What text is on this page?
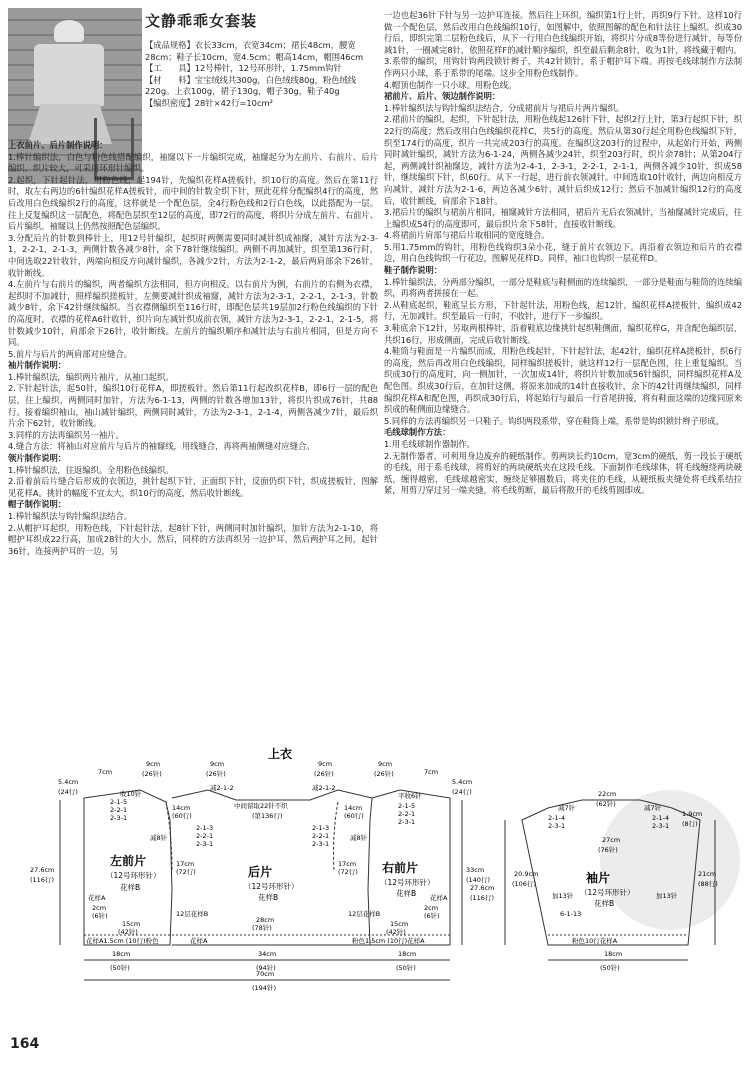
文静乖乖女套装

【成品规格】衣长33cm，衣宽34cm；裙长48cm，腰宽28cm；鞋子长10cm，宽4.5cm；帽高14cm，帽围46cm

【工　　具】12号棒针，12号环形针，1.75mm钩针

【材　　料】宝宝绒线共300g，白色绒线80g，粉色绒线220g。上衣100g，裙子130g，帽子30g，鞋子40g

【编织密度】28针×42行=10cm²

上衣前片、后片制作说明：

1.棒针编织法，白色与粉色线搭配编织，袖窿以下一片编织完成，袖窿起分为左前片、右前片、后片编织。织片较大，可采用环形针编织。

2.起织，下针起针法，用粉色线，起194针，先编织花样A搓板针，织10行的高度。然后在第11行时，取左右两边的6针编织花样A搓板针，而中间的针数全织下针，照此花样分配编织4行的高度，然后改用白色线编织2行的高度，这样就是一个配色层，全4行粉色线和2行白色线，以此搭配为一层。往上反复编织这一层配色，将配色层织至12层的高度，即72行的高度，将织片分成左前片、右前片、后片编织。袖窿以上仍然按照配色层编织。

3.分配后片的针数到棒针上，用12号针编织，起织时两侧需要同时减针织成袖窿，减针方法为2-3-1，2-2-1，2-1-3，两侧针数各减少8针，余下78针继续编织。两侧不再加减针，织至第136行时，中间选取22针收针，两端向相反方向减针编织，各减少2针，方法为2-1-2，最后两肩部余下26针，收针断线。

4.左前片与右前片的编织，两者编织方法相同，但方向相反。以右前片为例，右前片的右侧为衣襟，起织时不加减针，照样编织搓板针，左侧要减针织成袖窿，减针方法为2-3-1，2-2-1，2-1-3，针数减少8针，余下42针继续编织。当衣襟侧编织至116行时，即配色层共19层加2行粉色线编织的下针的高度时，衣襟的花样A6针收针，织片向左减针织成前衣领，减针方法为2-3-1，2-2-1，2-1-5，将针数减少10针，肩部余下26针，收针断线。左前片的编织顺序和减针法与右前片相同，但是方向不同。

5.前片与后片的两肩部对应缝合。

袖片制作说明：

1.棒针编织法，编织两片袖片。从袖口起织。

2.下针起针法，起50针，编织10行花样A，即搓板针。然后第11行起改织花样B，即6行一层的配色层，往上编织，两侧同时加针，方法为6-1-13，两侧的针数各增加13针，将织片织成76针，共88行。接着编织袖山，袖山减针编织，两侧同时减针，方法为2-3-1，2-1-4，两侧各减少7针，最后织片余下62针，收针断线。

3.同样的方法再编织另一袖片。

4.缝合方法：将袖山对应前片与后片的袖窿线，用线缝合，再将两袖侧缝对应缝合。

领片制作说明：

1.棒针编织法，往返编织。全用粉色线编织。

2.沿着前后片缝合后形成的衣领边，挑针起织下针，正面织下针，反面仍织下针，织成搓板针，图解见花样A。挑针的幅度不宜太大，织10行的高度，然后收针断线。

帽子制作说明：

1.棒针编织法与钩针编织法结合。

2.从帽护耳起织，用粉色线，下针起针法，起8针下针，两侧同时加针编织，加针方法为2-1-10，将帽护耳织成22行高，加成28针的大小。然后，同样的方法再织另一边护耳，然后两护耳之间，起针36针，连接两护耳的一边，另

一边也起36针下针与另一边护耳连接。然后往上环织，编织第1行上针，再织9行下针。这样10行做一个配色层，然后改用白色线编织10行，如图解中，依照图解的配色和针法往上编织。织成30行后，即织完第二层粉色线后，从下一行用白色线编织开始，将织片分成8等份进行减针，每等份减1针，一圈减完8针，依照花样F的减针顺序编织，织至最后剩余8针，收为1针，将线藏于帽内。

3.系带的编织，用钩针钩两段锁针辫子，共42针锁针，系于帽护耳下端。再按毛线球制作方法制作两只小球，系于系带的尾端。这步全用粉色线制作。

4.帽顶也制作一只小球。用粉色线。

裙前片、后片、领边制作说明：

1.棒针编织法与钩针编织法结合，分成裙前片与裙后片两片编织。

2.裙前片的编织，起织，下针起针法，用粉色线起126针下针，起织2行上针，第3行起织下针，织22行的高度；然后改用白色线编织花样C，共5行的高度。然后从第30行起全用粉色线编织下针，织至174行的高度，织片一共完成203行的高度。在编织这203行的过程中，从起始行开始，两侧同时减针编织，减针方法为6-1-24，两侧各减少24针，织至203行时，织片余78针；从第204行起，两侧减针织袖窿边，减针方法为2-4-1，2-3-1，2-2-1，2-1-1，两侧各减少10针，织成58针，继续编织下针，织60行。从下一行起，进行前衣领减针。中间选取10针收针，两边向相反方向减针，减针方法为2-1-6，两边各减少6针，减针后织成12行；然后不加减针编织12行的高度后，收针断线，肩部余下18针。

3.裙后片的编织与裙前片相同，袖窿减针方法相同，裙后片无后衣领减针，当袖窿减针完成后，往上编织成54行的高度即可，最后织片余下58针，直接收针断线。

4.将裙前片肩部与裙后片取相同的宽度缝合。

5.用1.75mm的钩针，用粉色线钩织3朵小花，缝于前片衣领边下。再沿着衣领边和后片的衣襟边，用白色线钩织一行花边，图解见花样D。同样，袖口也钩织一层花样D。

鞋子制作说明：

1.棒针编织法，分两部分编织，一部分是鞋底与鞋侧面的连续编织，一部分是鞋面与鞋筒的连续编织，再将两者拼接在一起。

2.从鞋底起织，鞋底呈长方形，下针起针法，用粉色线，起12针，编织花样A搓板针，编织成42行，无加减针。织至最后一行时，不收针，进行下一步编织。

3.鞋底余下12针，另取两根棒针，沿着鞋底边缘挑针起织鞋侧面，编织花样G，并含配色编织层，共织16行，形成侧面，完成后收针断线。

4.鞋筒与鞋面是一片编织而成，用粉色线起针，下针起针法，起42针，编织花样A搓板针，织6行的高度，然后再改用白色线编织，同样编织搓板针，就这样12行一层配色图，往上重复编织。当织成30行的高度时，向一侧加针，一次加成14针，将织片针数加成56针编织，同样编织花样A及配色图。织成30行后，在加针这侧，将原来加成的14针直接收针，余下的42针再继续编织，同样编织花样A和配色图，再织成30行后，将起始行与最后一行首尾拼接，将有鞋面这端的边缘同原来织成的鞋侧面边缘缝合。

5.同样的方法再编织另一只鞋子。钩织两段系带，穿在鞋筒上端，系带是钩织锁针辫子形成。

毛线球制作方法：

1.用毛线球制作器制作。

2.无制作器者，可利用身边废弃的硬纸制作。剪两块长约10cm，宽3cm的硬纸，剪一段长于硬纸的毛线，用于系毛线球，将剪好的两块硬纸夹在这段毛线。下面制作毛线球体，将毛线缠绕两块硬纸，缠得越密，毛线球越密实，缠绕足够圈数后，将夹住的毛线，从硬纸板夹缝处将毛线系结拉紧，用剪刀穿过另一端夹缝，将毛线剪断，最后将散开的毛线剪圆即成。

上衣
左前片
（12号环形针）	后片
（12号环形针）
花样B
右前片
（12号环形针）
花样B
花样B
袖片
（12号环形针）
花样B
中间留取22针不织
(第136行)
减2-1-2	减2-1-2
9cm
(26针)
9cm
(26针)
9cm
(26针)
9cm
(26针)
7cm	7cm
5.4cm
(24行)
5.4cm
(24行)
收10针	平收6针
2-1-5
2-2-1
2-3-1
2-1-5
2-2-1
2-3-1
14cm
(60行)
14cm
(60行)
2-1-3
2-2-1
2-3-1
2-1-3
2-2-1
2-3-1
减8针	减8针
17cm
(72行)
17cm
(72行)
27.6cm
(116行)
33cm
(140行)
27.6cm
(116行)
12层花样B	12层花样B
15cm
(42针)
15cm
(42针)
2cm
(6针)
2cm
(6针)
28cm
(78针)
花样A1.5cm (10行)粉色	花样A	粉色1.5cm (10行)花样A
18cm
(50针)
34cm
(94针)
18cm
(50针)
70cm
(194针)
花样A	花样A
22cm
(62针)
减7针	减7针
2-1-4
2-3-1
2-1-4
2-3-1
1.9cm
(8行)
27cm
(76针)
20.9cm
(106行)
21cm
(88行)
加13针	加13针
6-1-13
粉色10行花样A
18cm
(50针)
164
